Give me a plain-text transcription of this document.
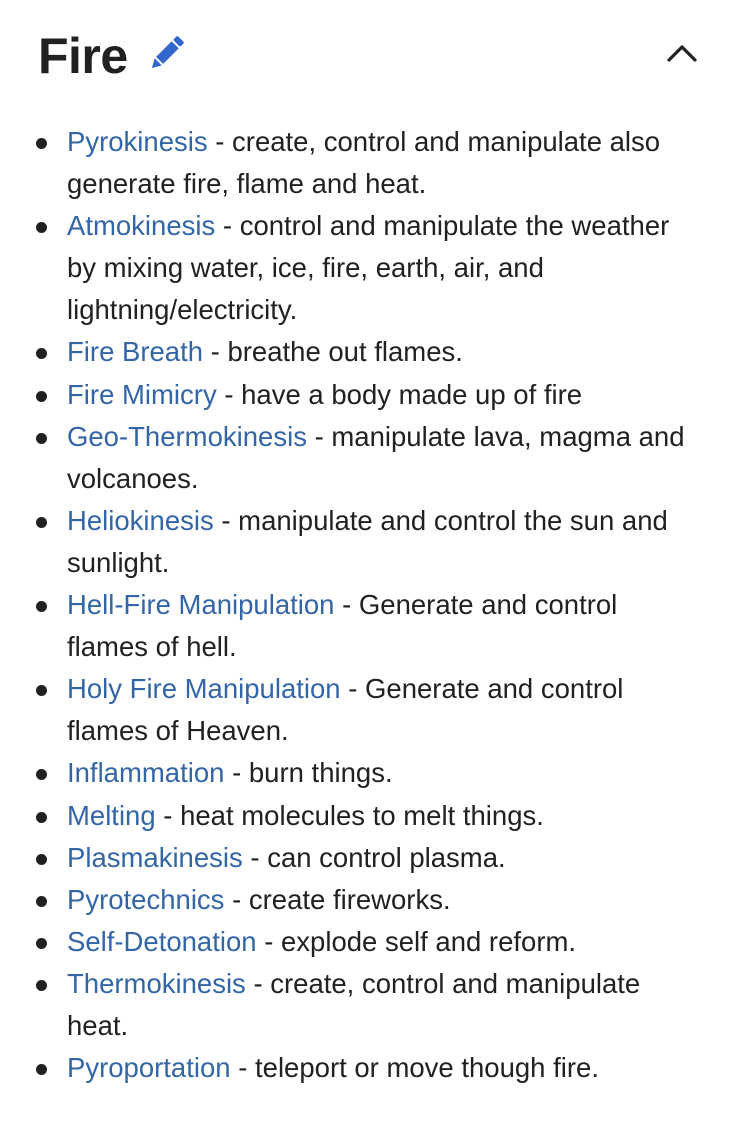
Fire
Pyrokinesis - create, control and manipulate also generate fire, flame and heat.
Atmokinesis - control and manipulate the weather by mixing water, ice, fire, earth, air, and lightning/electricity.
Fire Breath - breathe out flames.
Fire Mimicry - have a body made up of fire
Geo-Thermokinesis - manipulate lava, magma and volcanoes.
Heliokinesis - manipulate and control the sun and sunlight.
Hell-Fire Manipulation - Generate and control flames of hell.
Holy Fire Manipulation - Generate and control flames of Heaven.
Inflammation - burn things.
Melting - heat molecules to melt things.
Plasmakinesis - can control plasma.
Pyrotechnics - create fireworks.
Self-Detonation - explode self and reform.
Thermokinesis - create, control and manipulate heat.
Pyroportation - teleport or move though fire.
